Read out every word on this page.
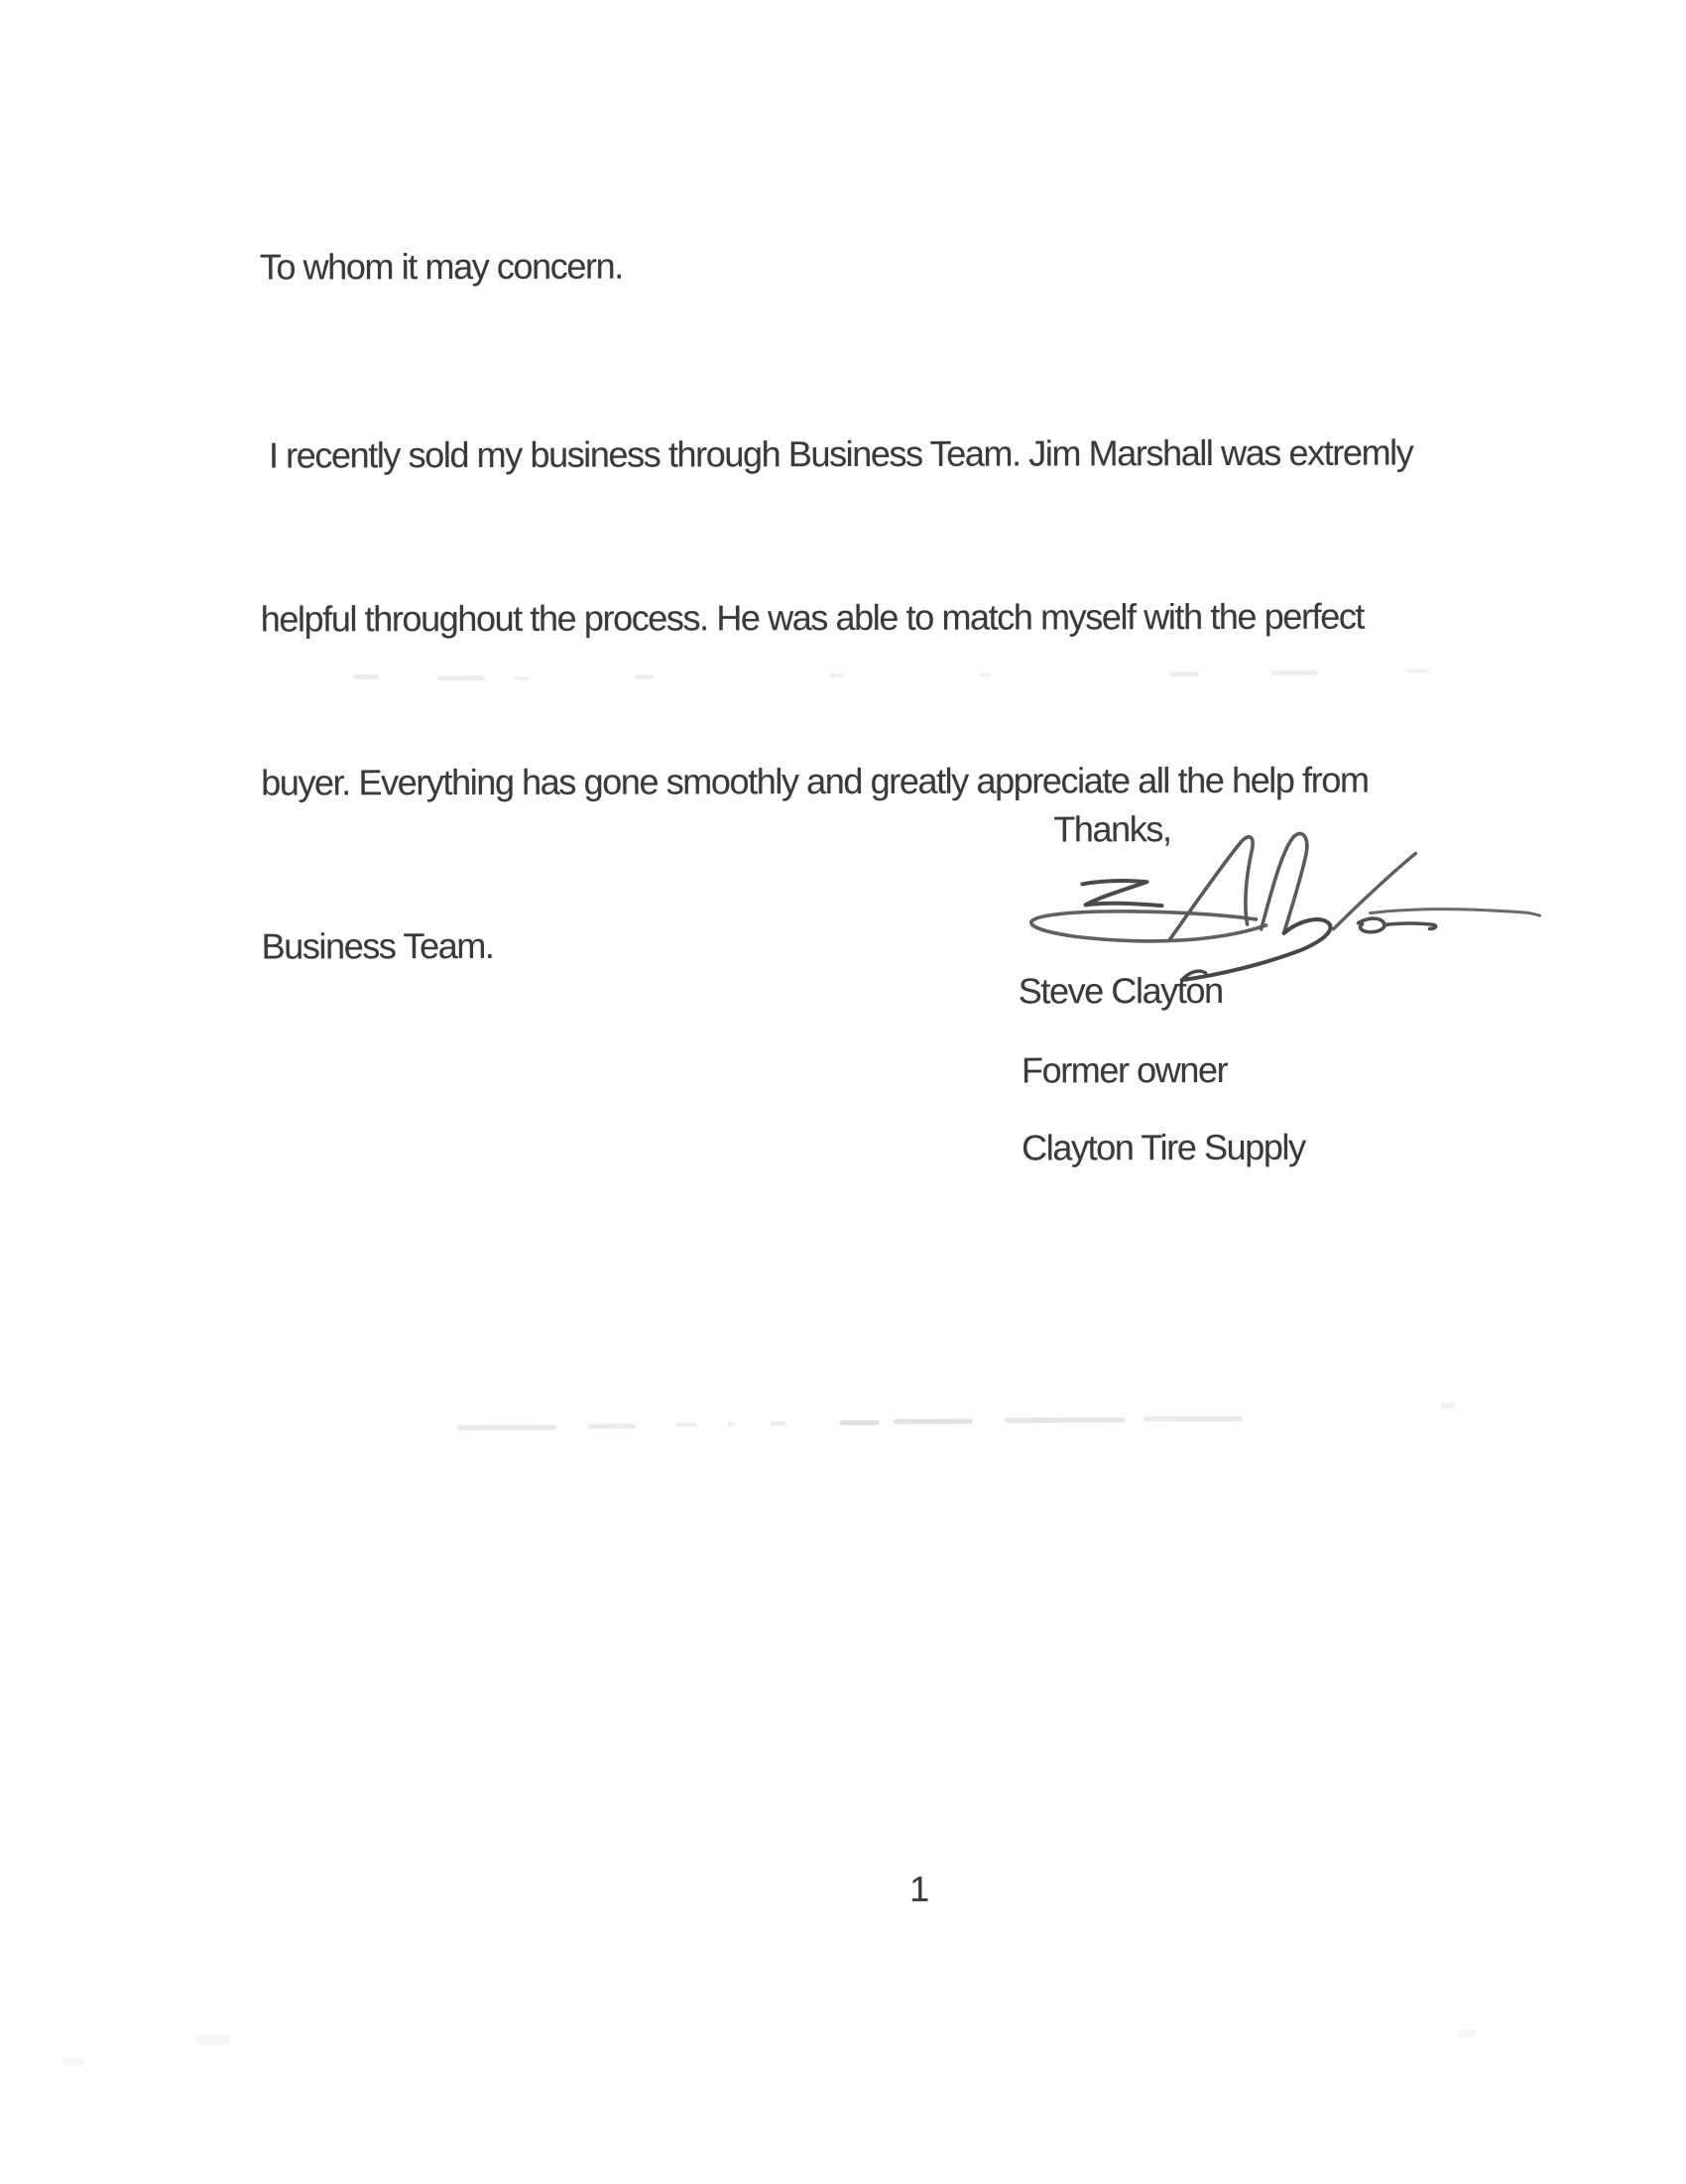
To whom it may concern.

I recently sold my business through Business Team. Jim Marshall was extremly

helpful throughout the process. He was able to match myself with the perfect

buyer. Everything has gone smoothly and greatly appreciate all the help from

Business Team.

Thanks,
Steve Clayton
Former owner
Clayton Tire Supply
1
